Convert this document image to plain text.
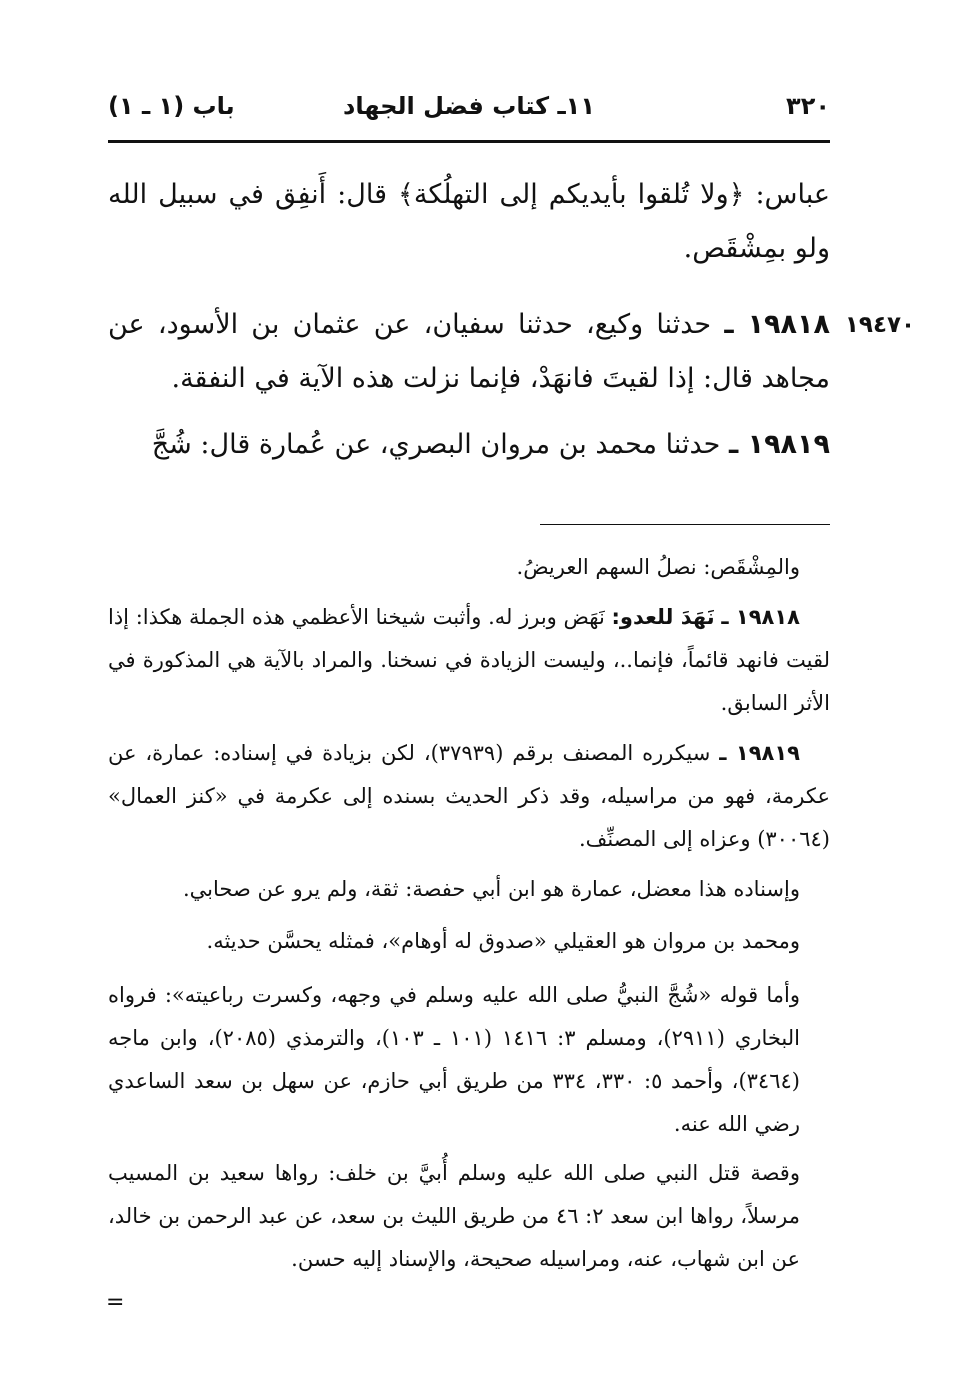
٣٢٠
١١ـ كتاب فضل الجهاد
باب (١ ـ ١)
عباس: ﴿ولا تُلقوا بأيديكم إلى التهلُكة﴾ قال: أَنفِق في سبيل الله ولو بمِشْقَص.
١٩٤٧٠
١٩٨١٨ ـ حدثنا وكيع، حدثنا سفيان، عن عثمان بن الأسود، عن مجاهد قال: إذا لقيتَ فانهَدْ، فإنما نزلت هذه الآية في النفقة.
١٩٨١٩ ـ حدثنا محمد بن مروان البصري، عن عُمارة قال: شُجَّ
والمِشْقَص: نصلُ السهم العريضُ.
١٩٨١٨ ـ نَهَدَ للعدو: نَهَض وبرز له. وأثبت شيخنا الأعظمي هذه الجملة هكذا: إذا لقيت فانهد قائماً، فإنما..، وليست الزيادة في نسخنا. والمراد بالآية هي المذكورة في الأثر السابق.
١٩٨١٩ ـ سيكرره المصنف برقم (٣٧٩٣٩)، لكن بزيادة في إسناده: عمارة، عن عكرمة، فهو من مراسيله، وقد ذكر الحديث بسنده إلى عكرمة في «كنز العمال» (٣٠٠٦٤) وعزاه إلى المصنِّف.
وإسناده هذا معضل، عمارة هو ابن أبي حفصة: ثقة، ولم يرو عن صحابي.
ومحمد بن مروان هو العقيلي «صدوق له أوهام»، فمثله يحسَّن حديثه.
وأما قوله «شُجَّ النبيُّ صلى الله عليه وسلم في وجهه، وكسرت رباعيته»: فرواه البخاري (٢٩١١)، ومسلم ٣: ١٤١٦ (١٠١ ـ ١٠٣)، والترمذي (٢٠٨٥)، وابن ماجه (٣٤٦٤)، وأحمد ٥: ٣٣٠، ٣٣٤ من طريق أبي حازم، عن سهل بن سعد الساعدي رضي الله عنه.
وقصة قتل النبي صلى الله عليه وسلم أُبيَّ بن خلف: رواها سعيد بن المسيب مرسلاً، رواها ابن سعد ٢: ٤٦ من طريق الليث بن سعد، عن عبد الرحمن بن خالد، عن ابن شهاب، عنه، ومراسيله صحيحة، والإسناد إليه حسن.
=
